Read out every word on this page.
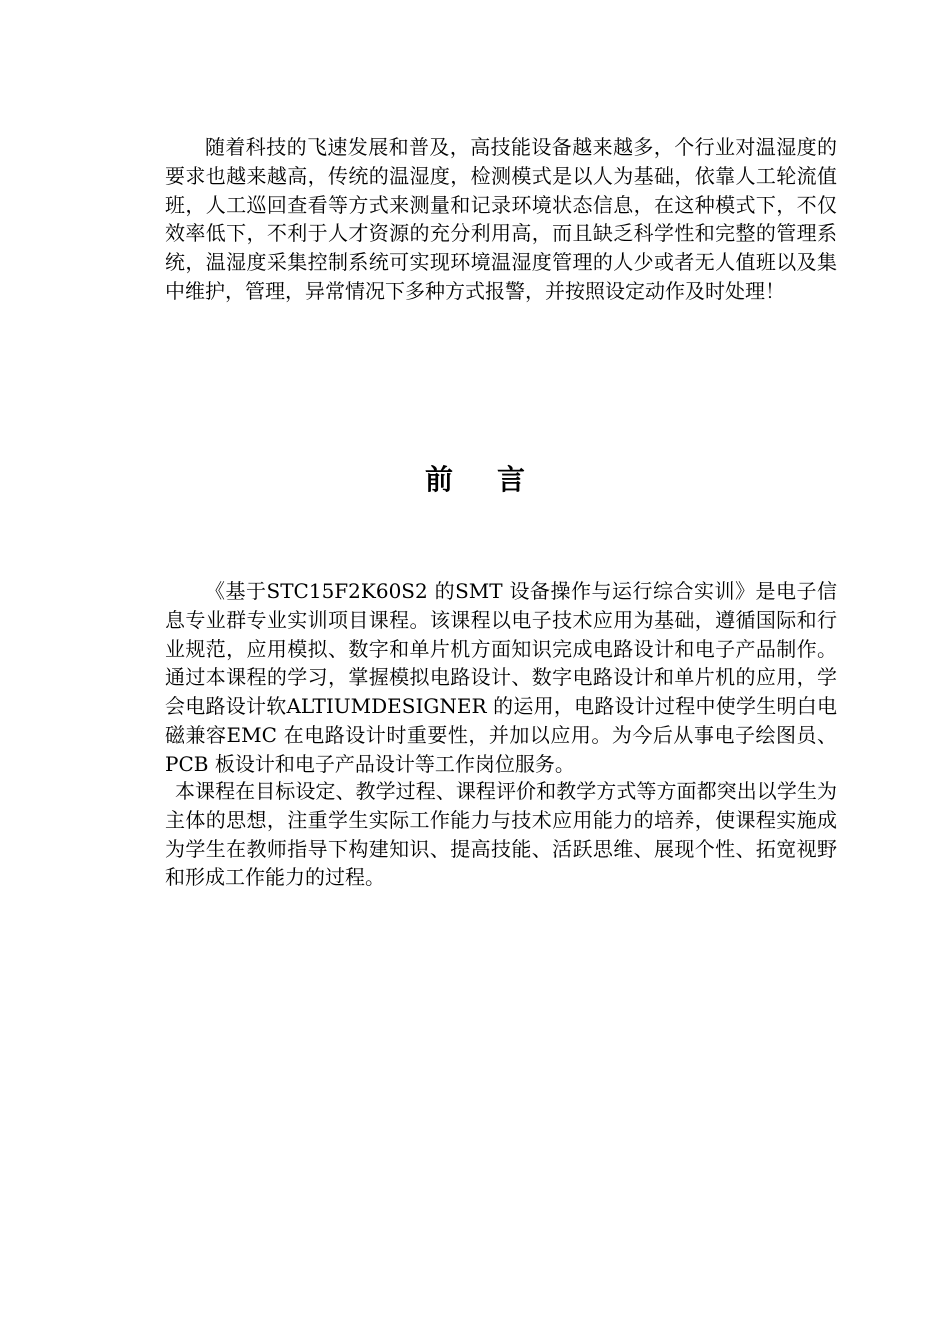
随着科技的飞速发展和普及，高技能设备越来越多，个行业对温湿度的要求也越来越高，传统的温湿度，检测模式是以人为基础，依靠人工轮流值班，人工巡回查看等方式来测量和记录环境状态信息，在这种模式下，不仅效率低下，不利于人才资源的充分利用高，而且缺乏科学性和完整的管理系统，温湿度采集控制系统可实现环境温湿度管理的人少或者无人值班以及集中维护，管理，异常情况下多种方式报警，并按照设定动作及时处理！

前言

《基于STC15F2K60S2 的SMT 设备操作与运行综合实训》是电子信息专业群专业实训项目课程。该课程以电子技术应用为基础，遵循国际和行业规范，应用模拟、数字和单片机方面知识完成电路设计和电子产品制作。通过本课程的学习，掌握模拟电路设计、数字电路设计和单片机的应用，学会电路设计软ALTIUMDESIGNER 的运用，电路设计过程中使学生明白电磁兼容EMC 在电路设计时重要性，并加以应用。为今后从事电子绘图员、PCB 板设计和电子产品设计等工作岗位服务。

本课程在目标设定、教学过程、课程评价和教学方式等方面都突出以学生为主体的思想，注重学生实际工作能力与技术应用能力的培养，使课程实施成为学生在教师指导下构建知识、提高技能、活跃思维、展现个性、拓宽视野和形成工作能力的过程。
